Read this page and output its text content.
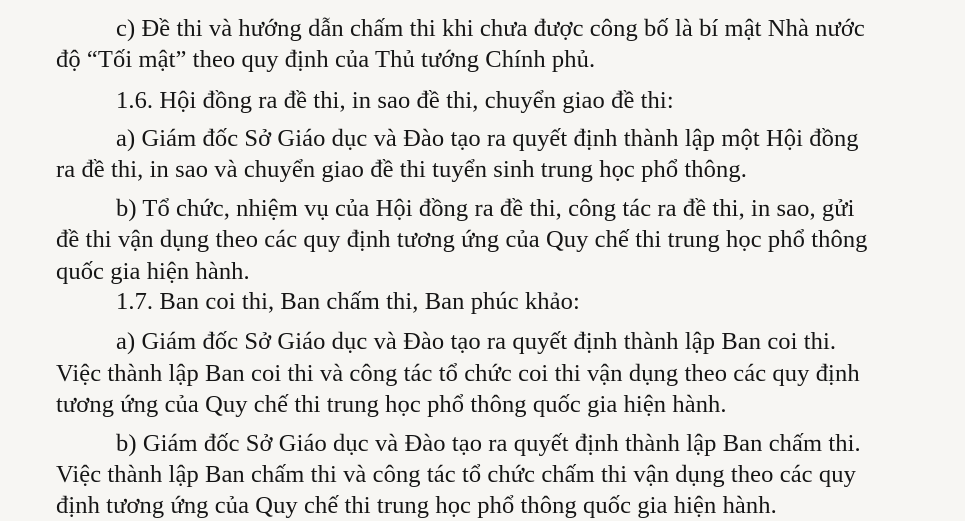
c) Đề thi và hướng dẫn chấm thi khi chưa được công bố là bí mật Nhà nước
độ “Tối mật” theo quy định của Thủ tướng Chính phủ.
1.6. Hội đồng ra đề thi, in sao đề thi, chuyển giao đề thi:
a) Giám đốc Sở Giáo dục và Đào tạo ra quyết định thành lập một Hội đồng
ra đề thi, in sao và chuyển giao đề thi tuyển sinh trung học phổ thông.
b) Tổ chức, nhiệm vụ của Hội đồng ra đề thi, công tác ra đề thi, in sao, gửi
đề thi vận dụng theo các quy định tương ứng của Quy chế thi trung học phổ thông
quốc gia hiện hành.
1.7. Ban coi thi, Ban chấm thi, Ban phúc khảo:
a) Giám đốc Sở Giáo dục và Đào tạo ra quyết định thành lập Ban coi thi.
Việc thành lập Ban coi thi và công tác tổ chức coi thi vận dụng theo các quy định
tương ứng của Quy chế thi trung học phổ thông quốc gia hiện hành.
b) Giám đốc Sở Giáo dục và Đào tạo ra quyết định thành lập Ban chấm thi.
Việc thành lập Ban chấm thi và công tác tổ chức chấm thi vận dụng theo các quy
định tương ứng của Quy chế thi trung học phổ thông quốc gia hiện hành.
